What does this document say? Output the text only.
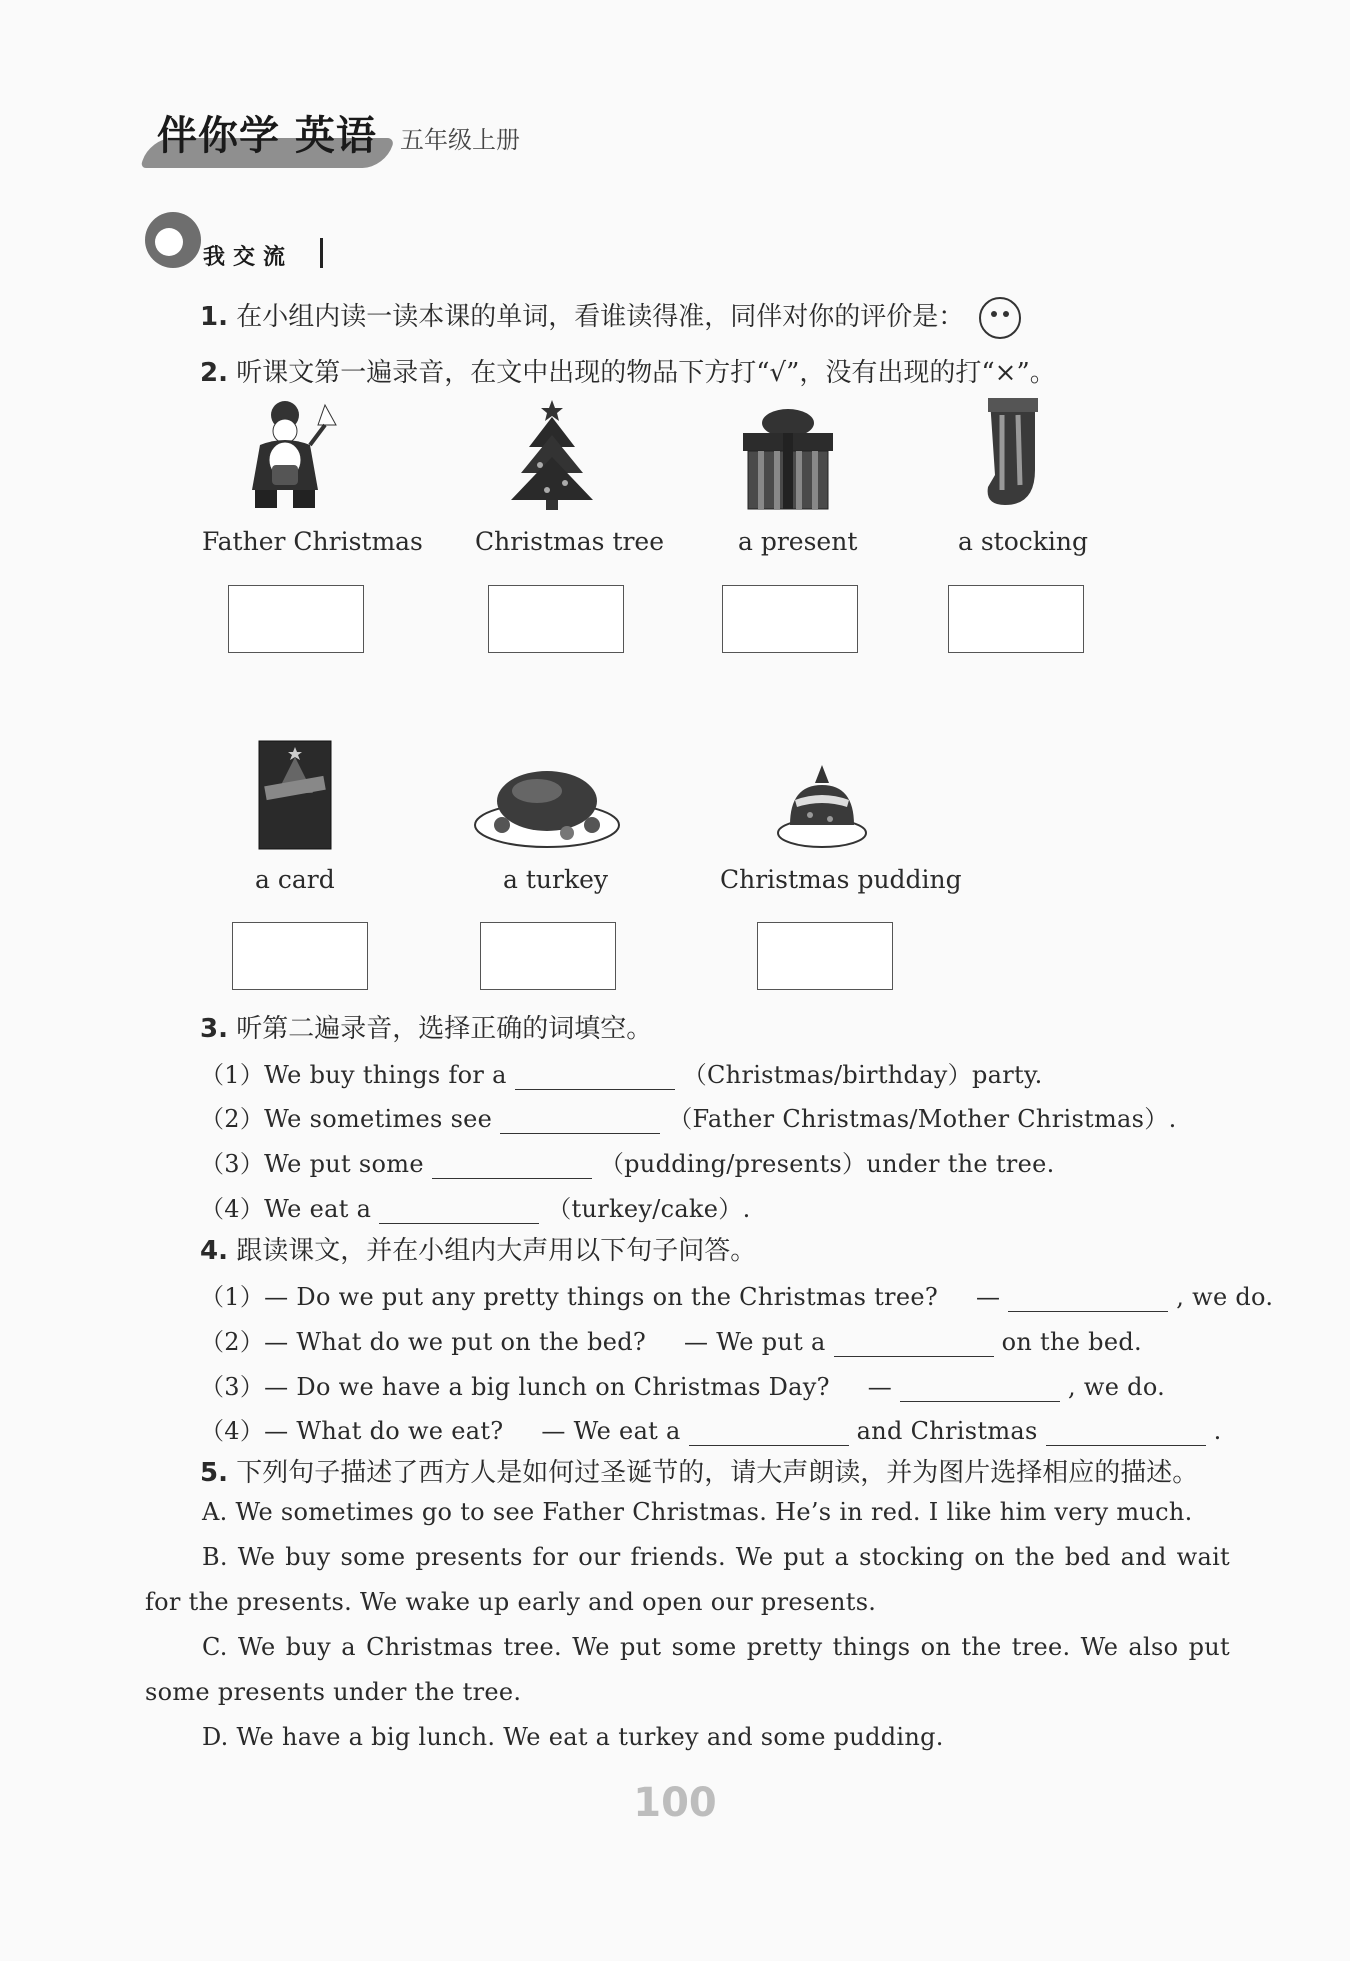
伴你学 英语 五年级上册
我交流
1. 在小组内读一读本课的单词，看谁读得准，同伴对你的评价是：
2. 听课文第一遍录音，在文中出现的物品下方打“√”，没有出现的打“×”。
Father Christmas Christmas tree	a present	a stocking
a card	a turkey	Christmas pudding
3. 听第二遍录音，选择正确的词填空。
（1）We buy things for a	（Christmas/birthday）party.
（2）We sometimes see	（Father Christmas/Mother Christmas）.
（3）We put some	（pudding/presents）under the tree.
（4）We eat a	（turkey/cake）.
4. 跟读课文，并在小组内大声用以下句子问答。
（1）— Do we put any pretty things on the Christmas tree? —	, we do.
（2）— What do we put on the bed? — We put a	on the bed.
（3）— Do we have a big lunch on Christmas Day? —	, we do.
（4）— What do we eat? — We eat a	and Christmas	.
5. 下列句子描述了西方人是如何过圣诞节的，请大声朗读，并为图片选择相应的描述。
A. We sometimes go to see Father Christmas. He’s in red. I like him very much.
B. We buy some presents for our friends. We put a stocking on the bed and wait for the presents. We wake up early and open our presents.
C. We buy a Christmas tree. We put some pretty things on the tree. We also put some presents under the tree.
D. We have a big lunch. We eat a turkey and some pudding.
100
